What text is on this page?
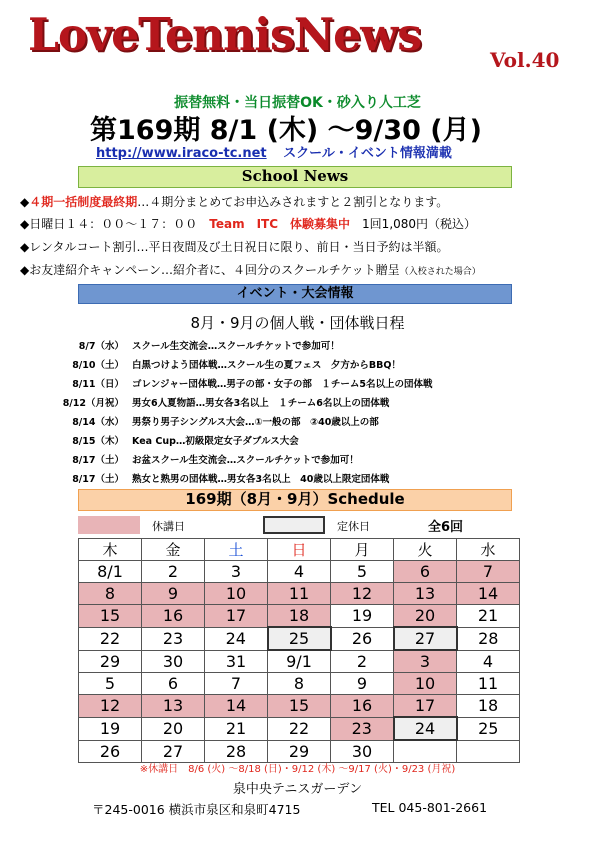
LoveTennisNews	Vol.40
振替無料・当日振替OK・砂入り人工芝
第169期 8/1 (木) ～9/30 (月)
http://www.iraco-tc.net スクール・イベント情報満載
School News
◆４期一括制度最終期…４期分まとめてお申込みされますと２割引となります。
◆日曜日１４：００～１７：００　Team　ITC　体験募集中　1回1,080円（税込）
◆レンタルコート割引…平日夜間及び土日祝日に限り、前日・当日予約は半額。
◆お友達紹介キャンペーン…紹介者に、４回分のスクールチケット贈呈（入校された場合）
イベント・大会情報
8月・9月の個人戦・団体戦日程
8/7（水） スクール生交流会…スクールチケットで参加可！
8/10（土） 白黒つけよう団体戦…スクール生の夏フェス　夕方からBBQ！
8/11（日） ゴレンジャー団体戦…男子の部・女子の部　１チーム5名以上の団体戦
8/12（月祝） 男女6人夏物語…男女各3名以上　１チーム6名以上の団体戦
8/14（水） 男祭り男子シングルス大会…①一般の部　②40歳以上の部
8/15（木） Kea Cup…初級限定女子ダブルス大会
8/17（土） お盆スクール生交流会…スクールチケットで参加可！
8/17（土） 熟女と熟男の団体戦…男女各3名以上　40歳以上限定団体戦
169期（8月・9月）Schedule
休講日	定休日	全6回
木	金	土	日	月	火	水
8/1	2	3	4	5	6	7
8	9	10	11	12	13	14
15	16	17	18	19	20	21
22	23	24	25	26	27	28
29	30	31	9/1	2	3	4
5	6	7	8	9	10	11
12	13	14	15	16	17	18
19	20	21	22	23	24	25
26	27	28	29	30		
※休講日　8/6 (火) ～8/18 (日)・9/12 (木) ～9/17 (火)・9/23 (月祝)
泉中央テニスガーデン
〒245-0016 横浜市泉区和泉町4715	TEL 045-801-2661
